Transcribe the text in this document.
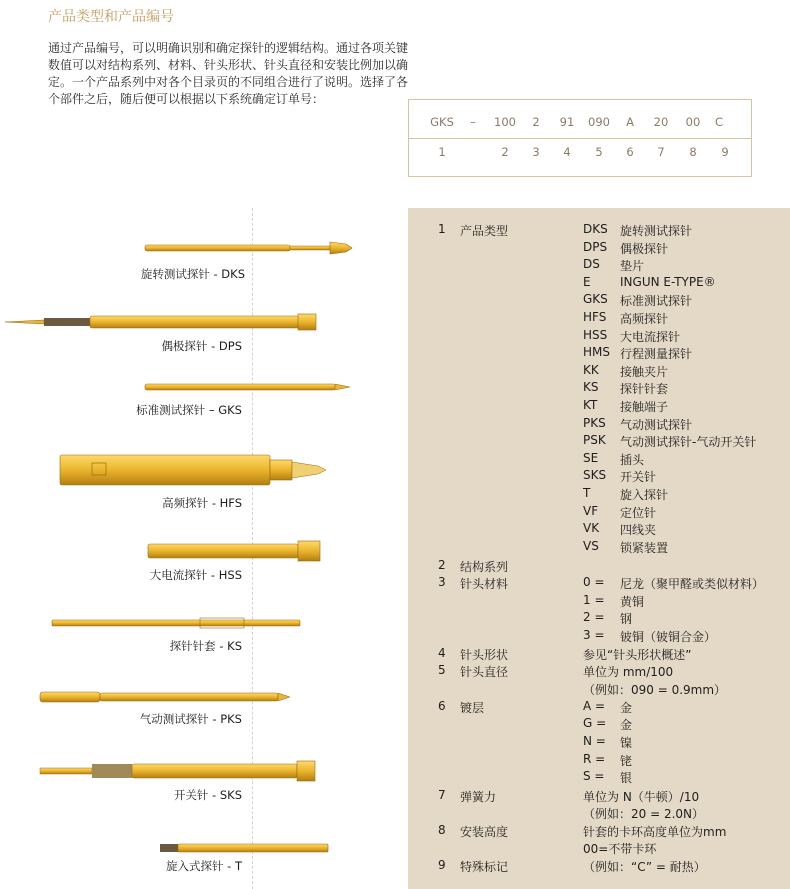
产品类型和产品编号
通过产品编号，可以明确识别和确定探针的逻辑结构。通过各项关键数值可以对结构系列、材料、针头形状、针头直径和安装比例加以确定。一个产品系列中对各个目录页的不同组合进行了说明。选择了各个部件之后，随后便可以根据以下系统确定订单号：
GKS – 100 2 91 090 A 20 00 C
1	2 3 4 5 6 7 8 9
旋转测试探针 - DKS
偶极探针 - DPS
标准测试探针 – GKS
高频探针 - HFS
大电流探针 - HSS
探针针套 - KS
气动测试探针 - PKS
开关针 - SKS
旋入式探针 - T
1 产品类型	DKS 旋转测试探针
DPS 偶极探针
DS 垫片
E INGUN E-TYPE®
GKS 标准测试探针
HFS 高频探针
HSS 大电流探针
HMS 行程测量探针
KK 接触夹片
KS 探针针套
KT 接触端子
PKS 气动测试探针
PSK 气动测试探针-气动开关针
SE 插头
SKS 开关针
T 旋入探针
VF 定位针
VK 四线夹
VS 锁紧装置
2 结构系列
3 针头材料	0 = 尼龙（聚甲醛或类似材料）
1 = 黄铜
2 = 钢
3 = 铍铜（铍铜合金）
4 针头形状	参见“针头形状概述”
5 针头直径	单位为 mm/100
（例如：090 = 0.9mm）
6 镀层	A = 金
G = 金
N = 镍
R = 铑
S = 银
7 弹簧力	单位为 N（牛顿）/10
（例如：20 = 2.0N）
8 安装高度	针套的卡环高度单位为mm
00=不带卡环
9 特殊标记	（例如：“C” = 耐热）
